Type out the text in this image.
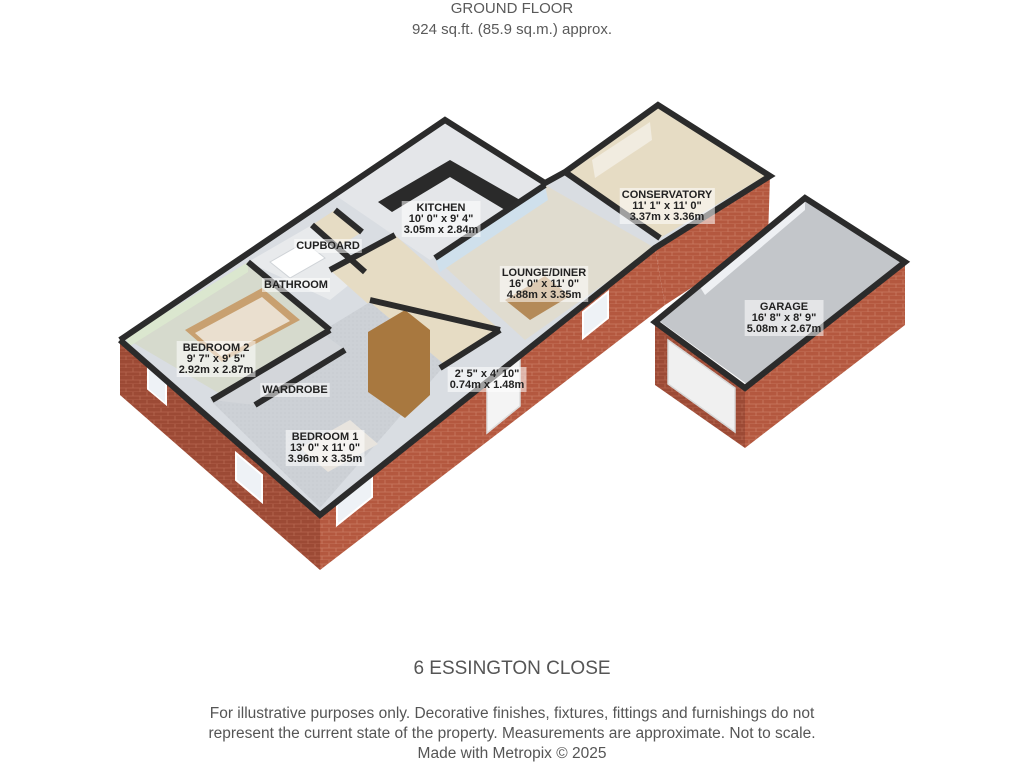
GROUND FLOOR
924 sq.ft. (85.9 sq.m.) approx.
KITCHEN
10' 0" x 9' 4"
3.05m x 2.84m
CONSERVATORY
11' 1" x 11' 0"
3.37m x 3.36m
CUPBOARD
LOUNGE/DINER
16' 0" x 11' 0"
4.88m x 3.35m
BATHROOM
BEDROOM 2
9' 7" x 9' 5"
2.92m x 2.87m
WARDROBE
2' 5" x 4' 10"
0.74m x 1.48m
BEDROOM 1
13' 0" x 11' 0"
3.96m x 3.35m
GARAGE
16' 8" x 8' 9"
5.08m x 2.67m
6 ESSINGTON CLOSE
For illustrative purposes only. Decorative finishes, fixtures, fittings and furnishings do not
represent the current state of the property. Measurements are approximate. Not to scale.
Made with Metropix © 2025
